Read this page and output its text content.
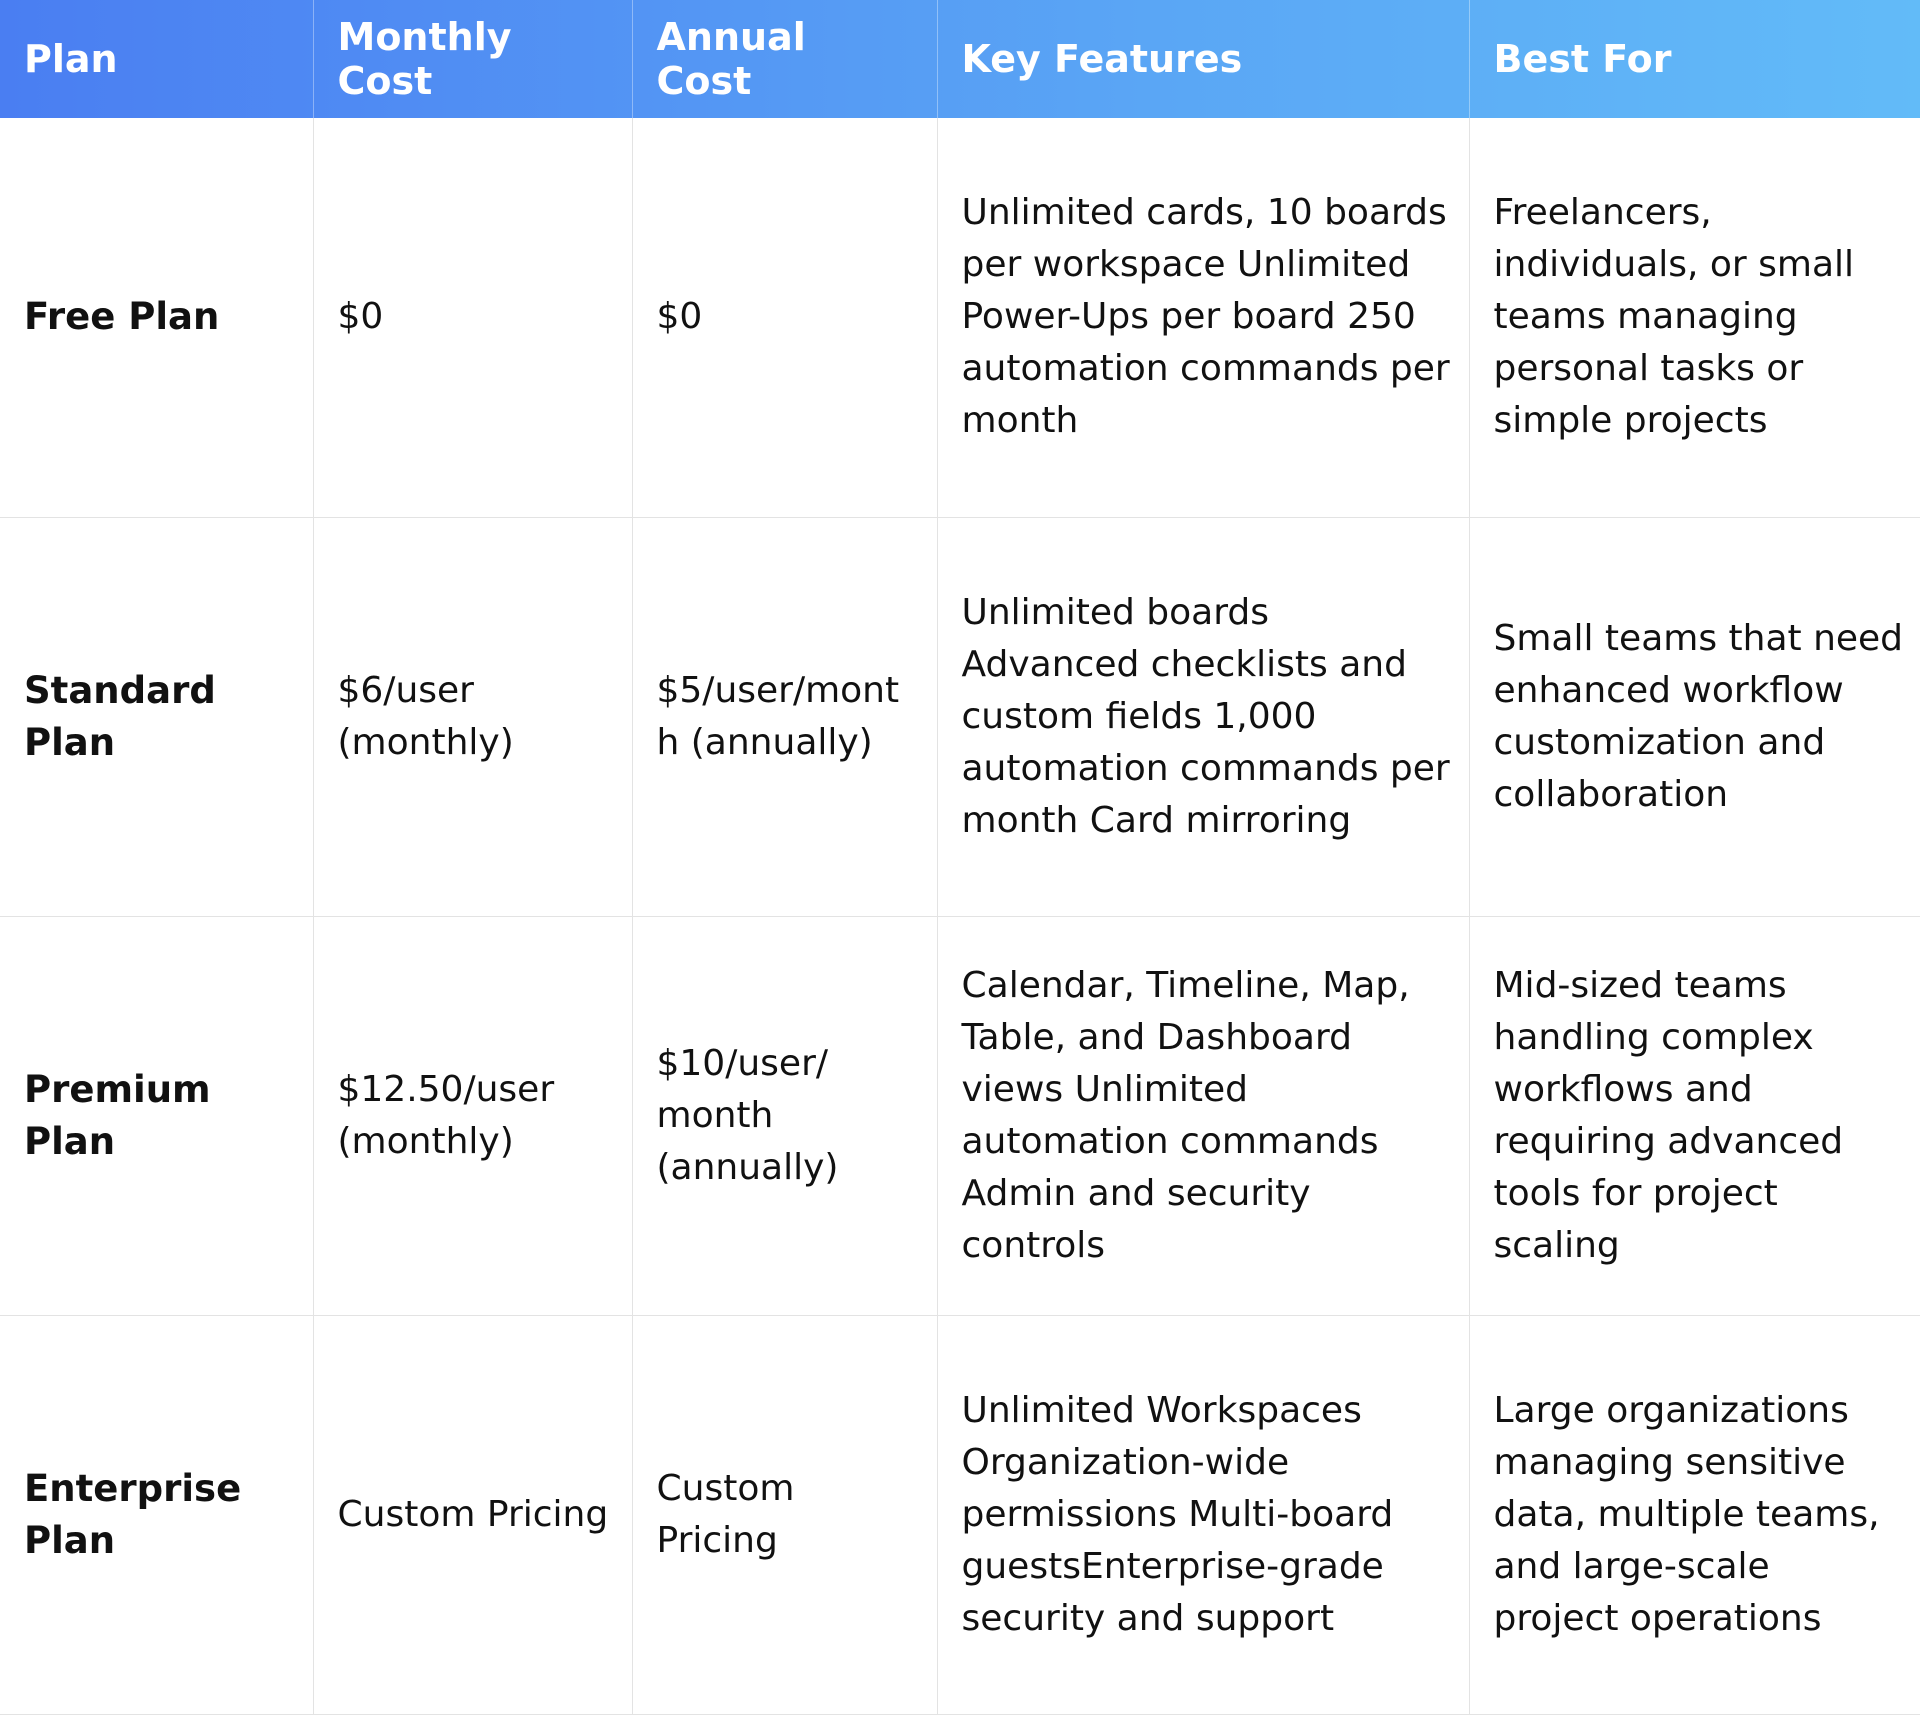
Plan	Monthly Cost	Annual Cost	Key Features	Best For
Free Plan	$0	$0	Unlimited cards, 10 boards per workspace Unlimited Power-Ups per board 250 automation commands per month	Freelancers, individuals, or small teams managing personal tasks or simple projects
Standard Plan	$6/user (monthly)	$5/user/month (annually)	Unlimited boards Advanced checklists and custom fields 1,000 automation commands per month Card mirroring	Small teams that need enhanced workflow customization and collaboration
Premium Plan	$12.50/user (monthly)	$10/user/ month (annually)	Calendar, Timeline, Map, Table, and Dashboard views Unlimited automation commands Admin and security controls	Mid-sized teams handling complex workflows and requiring advanced tools for project scaling
Enterprise Plan	Custom Pricing	Custom Pricing	Unlimited Workspaces Organization-wide permissions Multi-board guestsEnterprise-grade security and support	Large organizations managing sensitive data, multiple teams, and large-scale project operations
